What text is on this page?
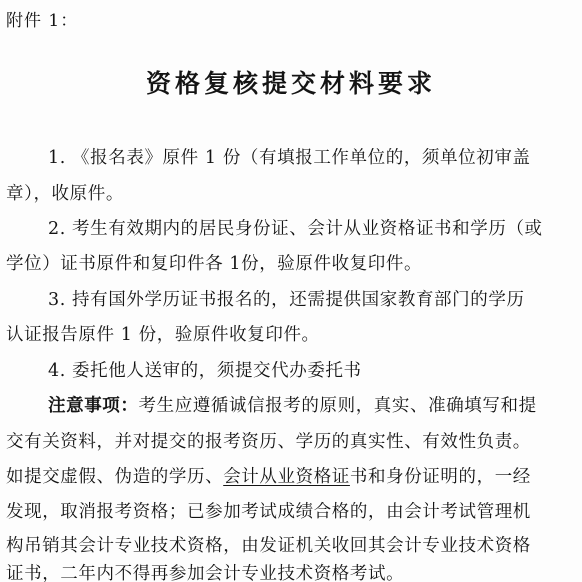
附件 1：
资格复核提交材料要求
1. 《报名表》原件 1 份（有填报工作单位的，须单位初审盖
章），收原件。
2. 考生有效期内的居民身份证、会计从业资格证书和学历（或
学位）证书原件和复印件各 1份，验原件收复印件。
3. 持有国外学历证书报名的，还需提供国家教育部门的学历
认证报告原件 1 份，验原件收复印件。
4. 委托他人送审的，须提交代办委托书
注意事项：考生应遵循诚信报考的原则，真实、准确填写和提
交有关资料，并对提交的报考资历、学历的真实性、有效性负责。
如提交虚假、伪造的学历、会计从业资格证书和身份证明的，一经
发现，取消报考资格；已参加考试成绩合格的，由会计考试管理机
构吊销其会计专业技术资格，由发证机关收回其会计专业技术资格
证书，二年内不得再参加会计专业技术资格考试。
